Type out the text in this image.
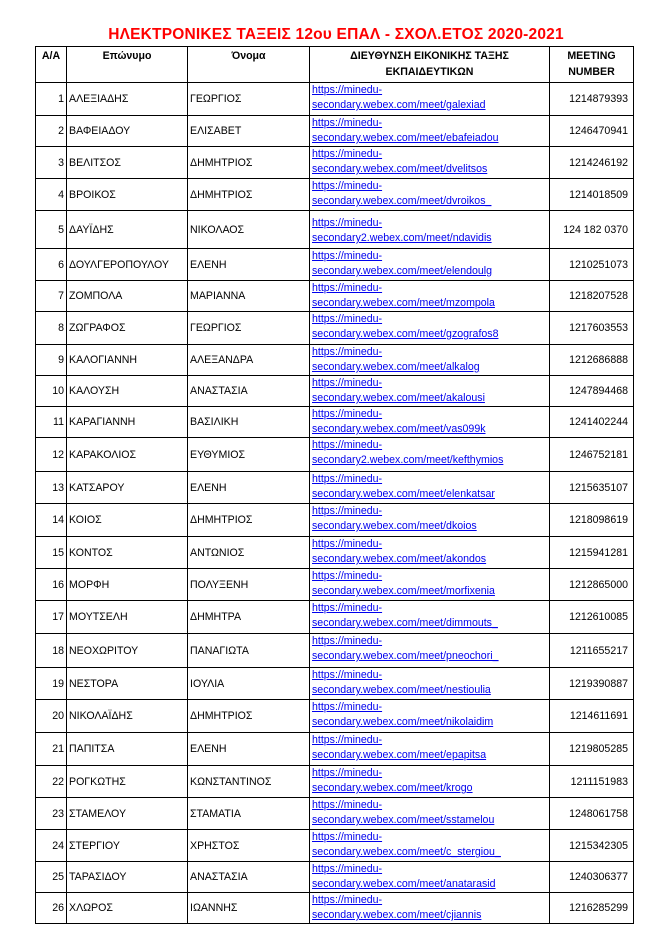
ΗΛΕΚΤΡΟΝΙΚΕΣ ΤΑΞΕΙΣ 12ου ΕΠΑΛ - ΣΧΟΛ.ΕΤΟΣ 2020-2021
Α/Α	Επώνυμο	Όνομα	ΔΙΕΥΘΥΝΣΗ ΕΙΚΟΝΙΚΗΣ ΤΑΞΗΣ ΕΚΠΑΙΔΕΥΤΙΚΩΝ	MEETING NUMBER
1	ΑΛΕΞΙΑΔΗΣ	ΓΕΩΡΓΙΟΣ	https://minedu-
secondary.webex.com/meet/galexiad	1214879393
2	ΒΑΦΕΙΑΔΟΥ	ΕΛΙΣΑΒΕΤ	https://minedu-
secondary.webex.com/meet/ebafeiadou	1246470941
3	ΒΕΛΙΤΣΟΣ	ΔΗΜΗΤΡΙΟΣ	https://minedu-
secondary.webex.com/meet/dvelitsos	1214246192
4	ΒΡΟΙΚΟΣ	ΔΗΜΗΤΡΙΟΣ	https://minedu-
secondary.webex.com/meet/dvroikos_	1214018509
5	ΔΑΥΪΔΗΣ	ΝΙΚΟΛΑΟΣ	https://minedu-
secondary2.webex.com/meet/ndavidis	124 182 0370
6	ΔΟΥΛΓΕΡΟΠΟΥΛΟΥ	ΕΛΕΝΗ	https://minedu-
secondary.webex.com/meet/elendoulg	1210251073
7	ΖΟΜΠΟΛΑ	ΜΑΡΙΑΝΝΑ	https://minedu-
secondary.webex.com/meet/mzompola	1218207528
8	ΖΩΓΡΑΦΟΣ	ΓΕΩΡΓΙΟΣ	https://minedu-
secondary.webex.com/meet/gzografos8	1217603553
9	ΚΑΛΟΓΙΑΝΝΗ	ΑΛΕΞΑΝΔΡΑ	https://minedu-
secondary.webex.com/meet/alkalog	1212686888
10	ΚΑΛΟΥΣΗ	ΑΝΑΣΤΑΣΙΑ	https://minedu-
secondary.webex.com/meet/akalousi	1247894468
11	ΚΑΡΑΓΙΑΝΝΗ	ΒΑΣΙΛΙΚΗ	https://minedu-
secondary.webex.com/meet/vas099k	1241402244
12	ΚΑΡΑΚΟΛΙΟΣ	ΕΥΘΥΜΙΟΣ	https://minedu-
secondary2.webex.com/meet/kefthymios	1246752181
13	ΚΑΤΣΑΡΟΥ	ΕΛΕΝΗ	https://minedu-
secondary.webex.com/meet/elenkatsar	1215635107
14	ΚΟΙΟΣ	ΔΗΜΗΤΡΙΟΣ	https://minedu-
secondary.webex.com/meet/dkoios	1218098619
15	ΚΟΝΤΟΣ	ΑΝΤΩΝΙΟΣ	https://minedu-
secondary.webex.com/meet/akondos	1215941281
16	ΜΟΡΦΗ	ΠΟΛΥΞΕΝΗ	https://minedu-
secondary.webex.com/meet/morfixenia	1212865000
17	ΜΟΥΤΣΕΛΗ	ΔΗΜΗΤΡΑ	https://minedu-
secondary.webex.com/meet/dimmouts_	1212610085
18	ΝΕΟΧΩΡΙΤΟΥ	ΠΑΝΑΓΙΩΤΑ	https://minedu-
secondary.webex.com/meet/pneochori_	1211655217
19	ΝΕΣΤΟΡΑ	ΙΟΥΛΙΑ	https://minedu-
secondary.webex.com/meet/nestioulia	1219390887
20	ΝΙΚΟΛΑΪΔΗΣ	ΔΗΜΗΤΡΙΟΣ	https://minedu-
secondary.webex.com/meet/nikolaidim	1214611691
21	ΠΑΠΙΤΣΑ	ΕΛΕΝΗ	https://minedu-
secondary.webex.com/meet/epapitsa	1219805285
22	ΡΟΓΚΩΤΗΣ	ΚΩΝΣΤΑΝΤΙΝΟΣ	https://minedu-
secondary.webex.com/meet/krogo	1211151983
23	ΣΤΑΜΕΛΟΥ	ΣΤΑΜΑΤΙΑ	https://minedu-
secondary.webex.com/meet/sstamelou	1248061758
24	ΣΤΕΡΓΙΟΥ	ΧΡΗΣΤΟΣ	https://minedu-
secondary.webex.com/meet/c_stergiou_	1215342305
25	ΤΑΡΑΣΙΔΟΥ	ΑΝΑΣΤΑΣΙΑ	https://minedu-
secondary.webex.com/meet/anatarasid	1240306377
26	ΧΛΩΡΟΣ	ΙΩΑΝΝΗΣ	https://minedu-
secondary.webex.com/meet/cjiannis	1216285299
